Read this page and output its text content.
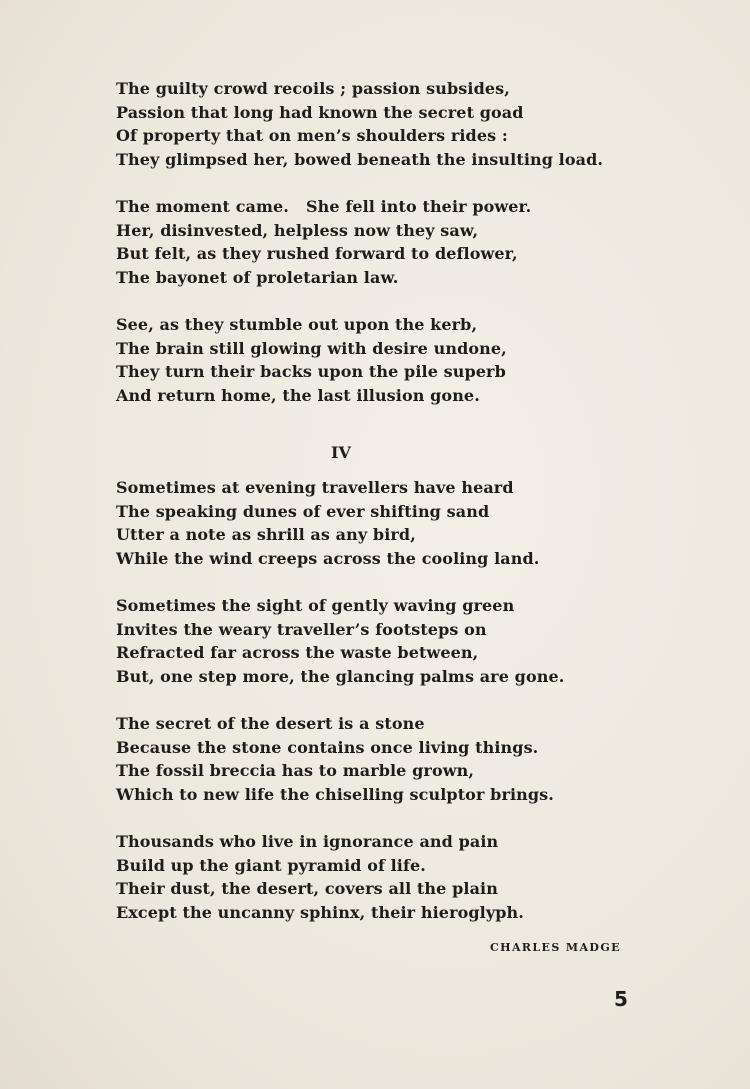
The guilty crowd recoils ; passion subsides,
Passion that long had known the secret goad
Of property that on men’s shoulders rides :
They glimpsed her, bowed beneath the insulting load.
The moment came.   She fell into their power.
Her, disinvested, helpless now they saw,
But felt, as they rushed forward to deflower,
The bayonet of proletarian law.
See, as they stumble out upon the kerb,
The brain still glowing with desire undone,
They turn their backs upon the pile superb
And return home, the last illusion gone.
IV
Sometimes at evening travellers have heard
The speaking dunes of ever shifting sand
Utter a note as shrill as any bird,
While the wind creeps across the cooling land.
Sometimes the sight of gently waving green
Invites the weary traveller’s footsteps on
Refracted far across the waste between,
But, one step more, the glancing palms are gone.
The secret of the desert is a stone
Because the stone contains once living things.
The fossil breccia has to marble grown,
Which to new life the chiselling sculptor brings.
Thousands who live in ignorance and pain
Build up the giant pyramid of life.
Their dust, the desert, covers all the plain
Except the uncanny sphinx, their hieroglyph.
CHARLES MADGE
5
